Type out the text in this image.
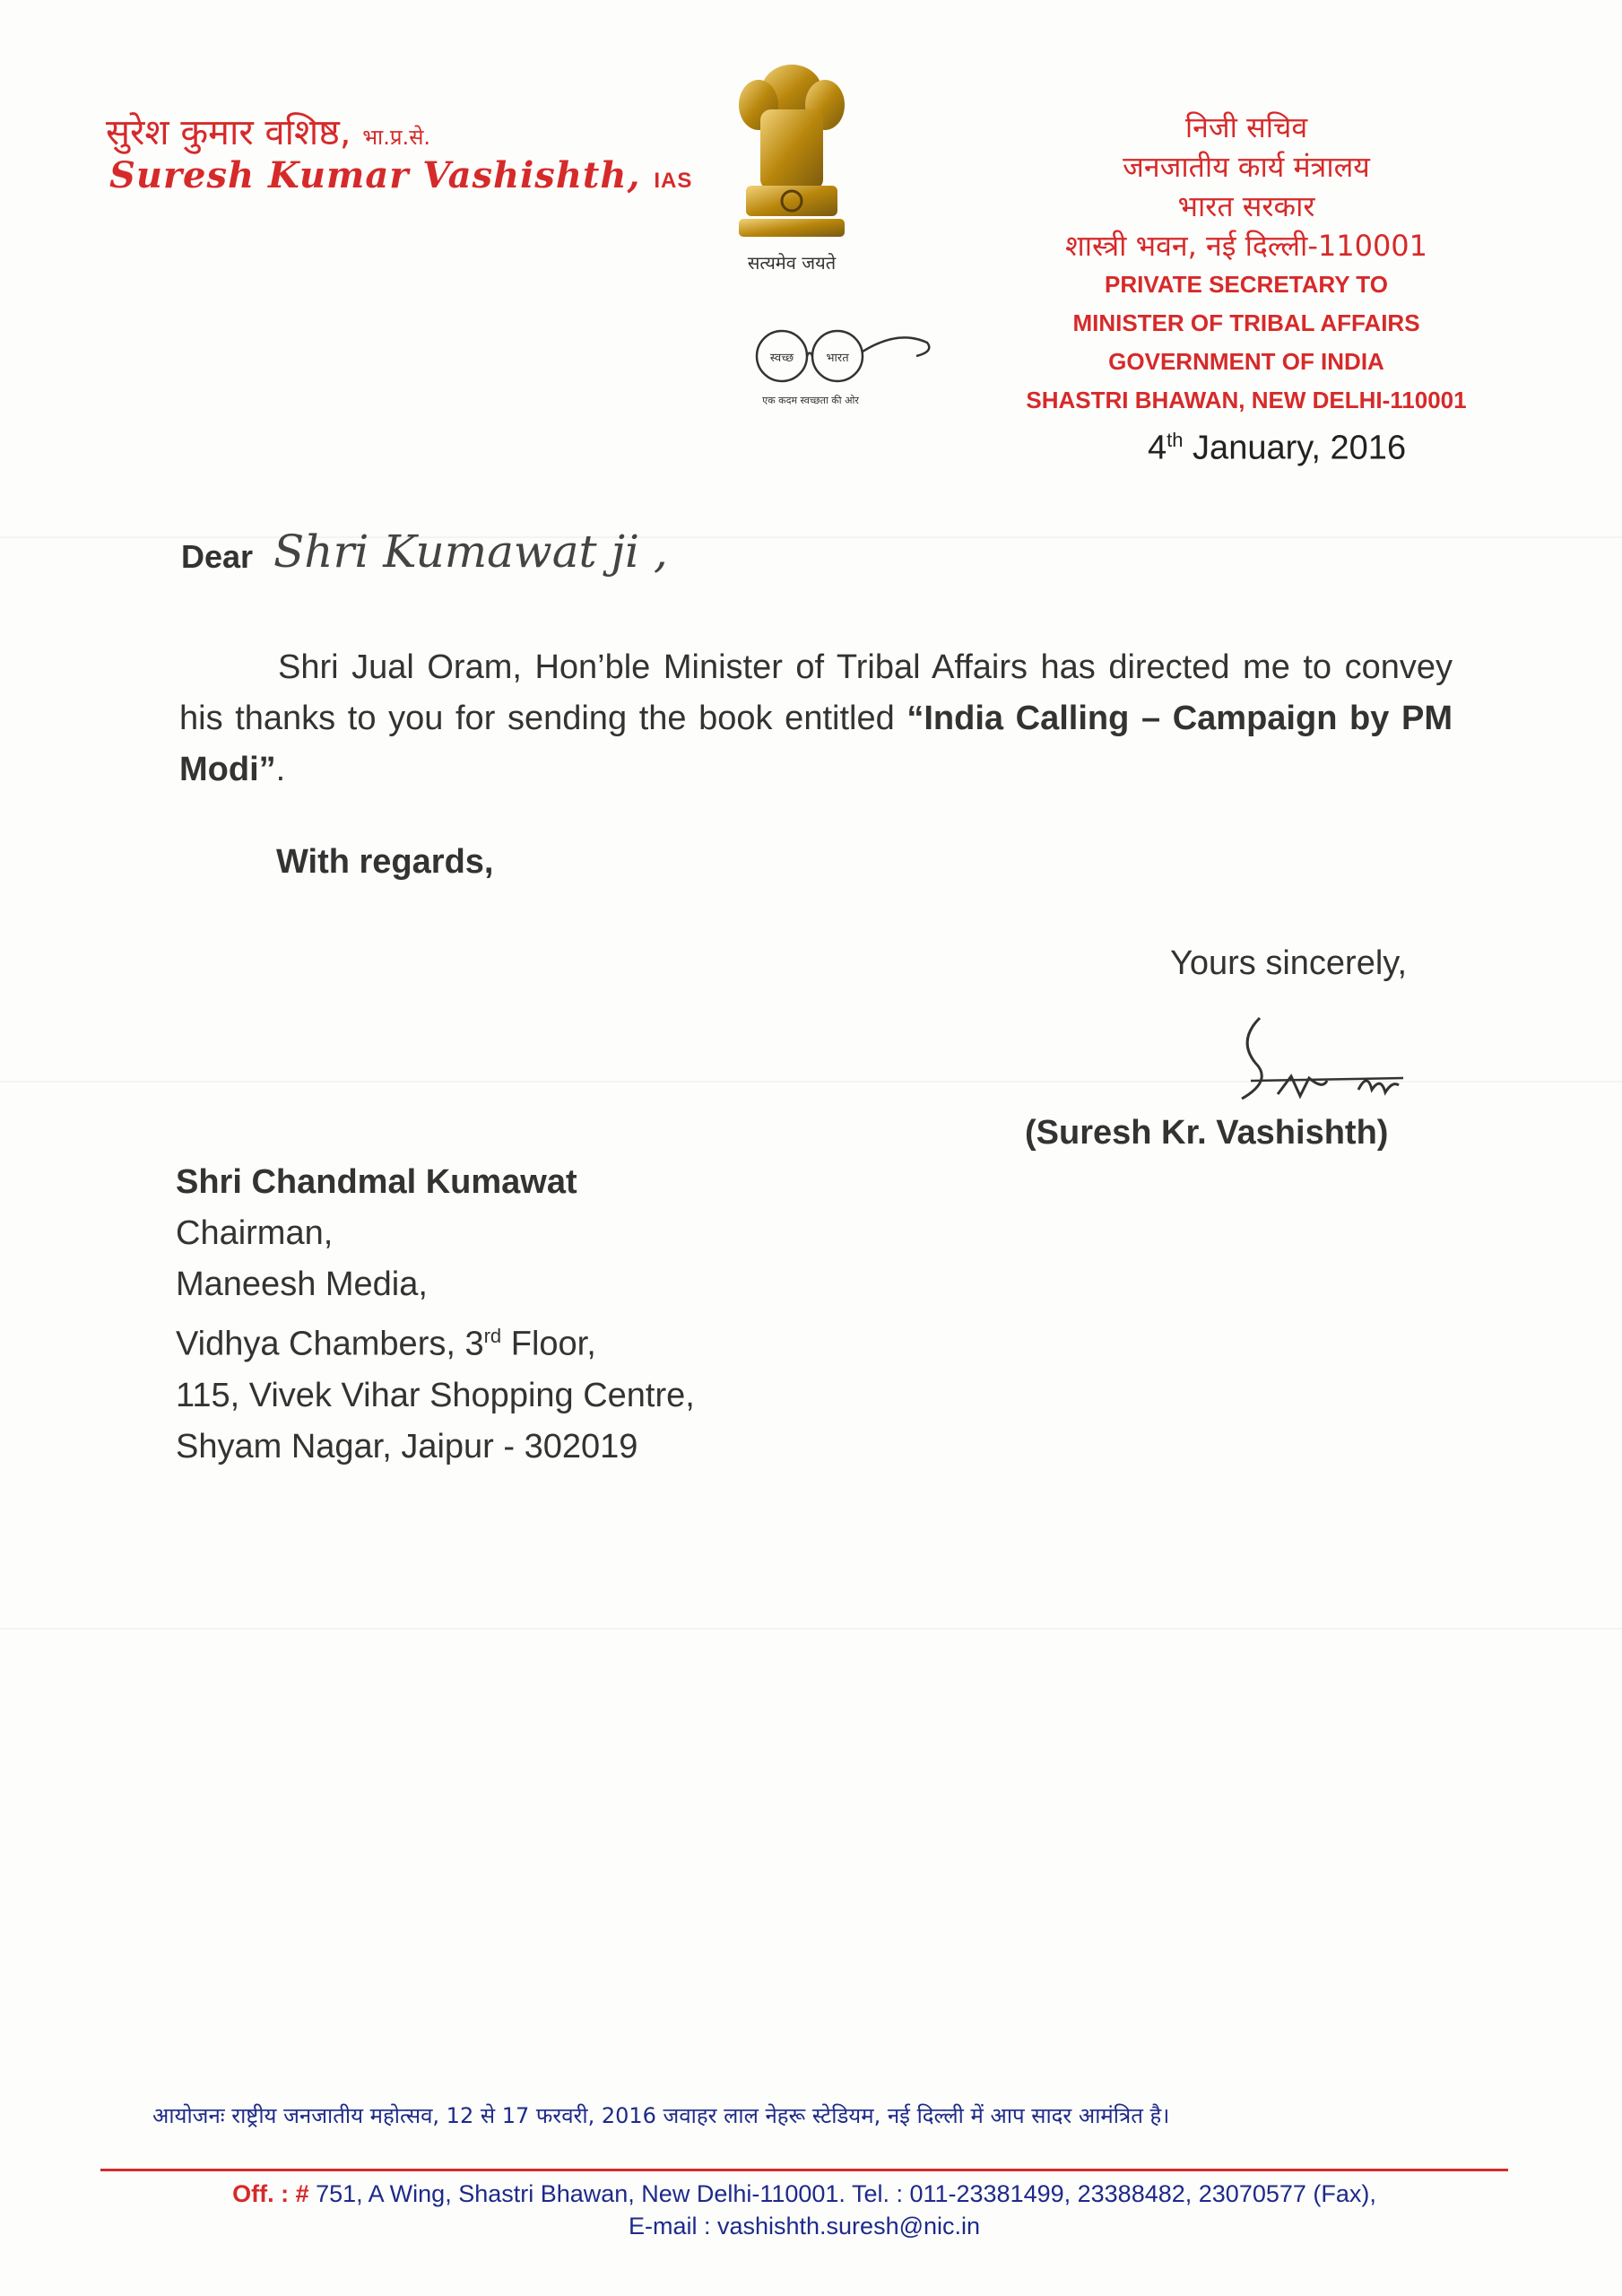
सुरेश कुमार वशिष्ठ, भा.प्र.से.
Suresh Kumar Vashishth, IAS
सत्यमेव जयते
स्वच्छ	भारत
एक कदम स्वच्छता की ओर
निजी सचिव
जनजातीय कार्य मंत्रालय
भारत सरकार
शास्त्री भवन, नई दिल्ली-110001
PRIVATE SECRETARY TO
MINISTER OF TRIBAL AFFAIRS
GOVERNMENT OF INDIA
SHASTRI BHAWAN, NEW DELHI-110001
4th January, 2016
Dear Shri Kumawat ji ,
Shri Jual Oram, Hon’ble Minister of Tribal Affairs has directed me to convey his thanks to you for sending the book entitled “India Calling – Campaign by PM Modi”.
With regards,
Yours sincerely,
(Suresh Kr. Vashishth)
Shri Chandmal Kumawat
Chairman,
Maneesh Media,
Vidhya Chambers, 3rd Floor,
115, Vivek Vihar Shopping Centre,
Shyam Nagar, Jaipur - 302019
आयोजनः राष्ट्रीय जनजातीय महोत्सव, 12 से 17 फरवरी, 2016 जवाहर लाल नेहरू स्टेडियम, नई दिल्ली में आप सादर आमंत्रित है।
Off. : # 751, A Wing, Shastri Bhawan, New Delhi-110001. Tel. : 011-23381499, 23388482, 23070577 (Fax),
E-mail : vashishth.suresh@nic.in
